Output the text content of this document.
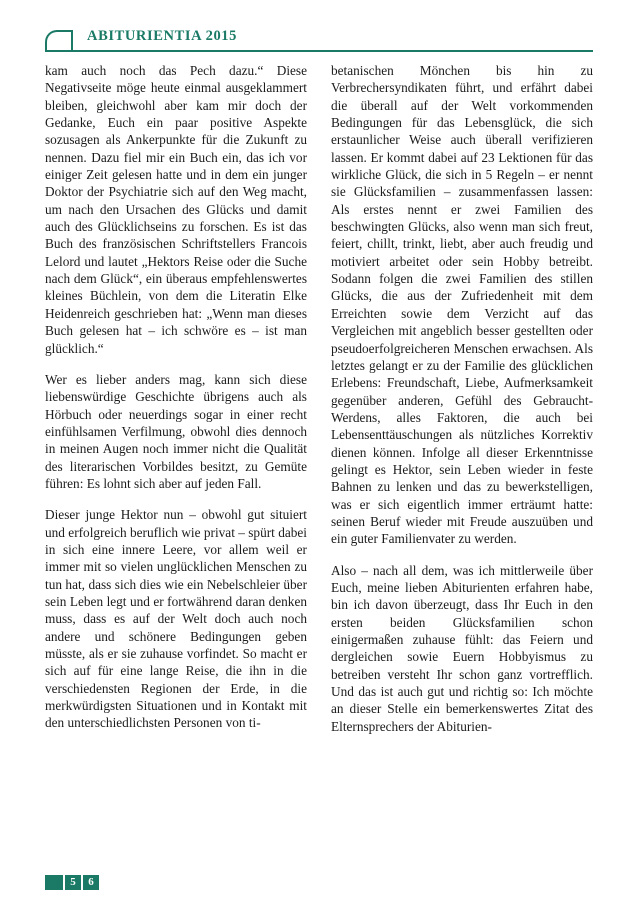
ABITURIENTIA 2015

kam auch noch das Pech dazu.“ Diese Negativseite möge heute einmal ausgeklammert bleiben, gleichwohl aber kam mir doch der Gedanke, Euch ein paar positive Aspekte sozusagen als Ankerpunkte für die Zukunft zu nennen. Dazu fiel mir ein Buch ein, das ich vor einiger Zeit gelesen hatte und in dem ein junger Doktor der Psychiatrie sich auf den Weg macht, um nach den Ursachen des Glücks und damit auch des Glücklichseins zu forschen. Es ist das Buch des französischen Schriftstellers Francois Lelord und lautet „Hektors Reise oder die Suche nach dem Glück“, ein überaus empfehlenswertes kleines Büchlein, von dem die Literatin Elke Heidenreich geschrieben hat: „Wenn man dieses Buch gelesen hat – ich schwöre es – ist man glücklich.“

Wer es lieber anders mag, kann sich diese liebenswürdige Geschichte übrigens auch als Hörbuch oder neuerdings sogar in einer recht einfühlsamen Verfilmung, obwohl dies dennoch in meinen Augen noch immer nicht die Qualität des literarischen Vorbildes besitzt, zu Gemüte führen: Es lohnt sich aber auf jeden Fall.

Dieser junge Hektor nun – obwohl gut situiert und erfolgreich beruflich wie privat – spürt dabei in sich eine innere Leere, vor allem weil er immer mit so vielen unglücklichen Menschen zu tun hat, dass sich dies wie ein Nebelschleier über sein Leben legt und er fortwährend daran denken muss, dass es auf der Welt doch auch noch andere und schönere Bedingungen geben müsste, als er sie zuhause vorfindet. So macht er sich auf für eine lange Reise, die ihn in die verschiedensten Regionen der Erde, in die merkwürdigsten Situationen und in Kontakt mit den unterschiedlichsten Personen von ti-

betanischen Mönchen bis hin zu Verbrechersyndikaten führt, und erfährt dabei die überall auf der Welt vorkommenden Bedingungen für das Lebensglück, die sich erstaunlicher Weise auch überall verifizieren lassen. Er kommt dabei auf 23 Lektionen für das wirkliche Glück, die sich in 5 Regeln – er nennt sie Glücksfamilien – zusammenfassen lassen: Als erstes nennt er zwei Familien des beschwingten Glücks, also wenn man sich freut, feiert, chillt, trinkt, liebt, aber auch freudig und motiviert arbeitet oder sein Hobby betreibt. Sodann folgen die zwei Familien des stillen Glücks, die aus der Zufriedenheit mit dem Erreichten sowie dem Verzicht auf das Vergleichen mit angeblich besser gestellten oder pseudoerfolgreicheren Menschen erwachsen. Als letztes gelangt er zu der Familie des glücklichen Erlebens: Freundschaft, Liebe, Aufmerksamkeit gegenüber anderen, Gefühl des Gebraucht-Werdens, alles Faktoren, die auch bei Lebensenttäuschungen als nützliches Korrektiv dienen können. Infolge all dieser Erkenntnisse gelingt es Hektor, sein Leben wieder in feste Bahnen zu lenken und das zu bewerkstelligen, was er sich eigentlich immer erträumt hatte: seinen Beruf wieder mit Freude auszuüben und ein guter Familienvater zu werden.

Also – nach all dem, was ich mittlerweile über Euch, meine lieben Abiturienten erfahren habe, bin ich davon überzeugt, dass Ihr Euch in den ersten beiden Glücksfamilien schon einigermaßen zuhause fühlt: das Feiern und dergleichen sowie Euern Hobbyismus zu betreiben versteht Ihr schon ganz vortrefflich. Und das ist auch gut und richtig so: Ich möchte an dieser Stelle ein bemerkenswertes Zitat des Elternsprechers der Abiturien-

5	6
